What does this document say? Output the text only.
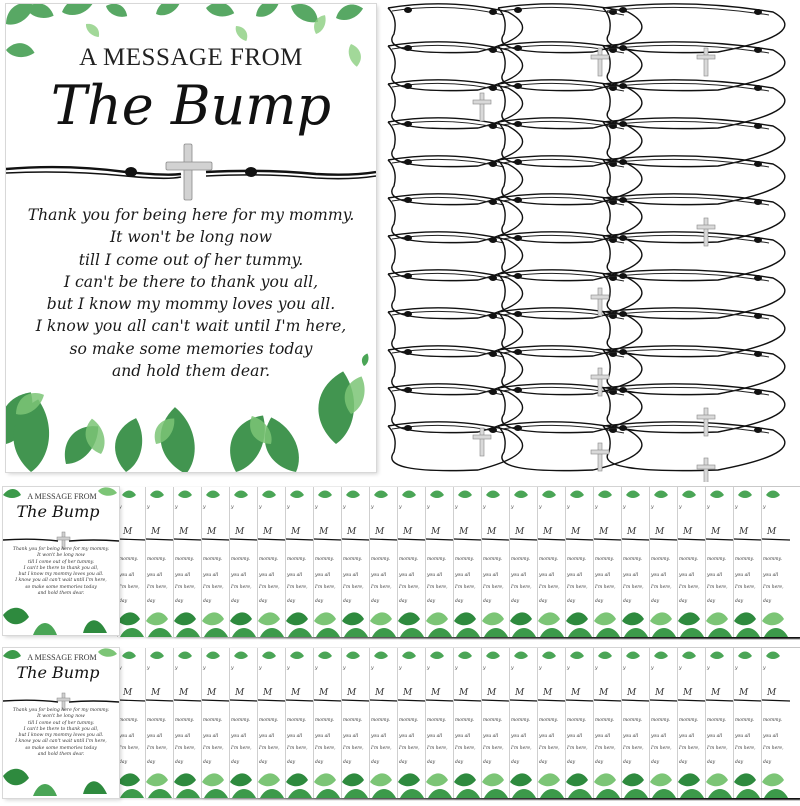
A MESSAGE FROM
The Bump
Thank you for being here for my mommy.
It won't be long now
till I come out of her tummy.
I can't be there to thank you all,
but I know my mommy loves you all.
I know you all can't wait until I'm here,
so make some memories today
and hold them dear.
y
M
mommy.
you all
I'm here,
day
y
M
mommy.
you all
I'm here,
day
y
M
mommy.
you all
I'm here,
day
y
M
mommy.
you all
I'm here,
day
y
M
mommy.
you all
I'm here,
day
y
M
mommy.
you all
I'm here,
day
y
M
mommy.
you all
I'm here,
day
y
M
mommy.
you all
I'm here,
day
y
M
mommy.
you all
I'm here,
day
y
M
mommy.
you all
I'm here,
day
y
M
mommy.
you all
I'm here,
day
y
M
mommy.
you all
I'm here,
day
y
M
mommy.
you all
I'm here,
day
y
M
mommy.
you all
I'm here,
day
y
M
mommy.
you all
I'm here,
day
y
M
mommy.
you all
I'm here,
day
y
M
mommy.
you all
I'm here,
day
y
M
mommy.
you all
I'm here,
day
y
M
mommy.
you all
I'm here,
day
y
M
mommy.
you all
I'm here,
day
y
M
mommy.
you all
I'm here,
day
y
M
mommy.
you all
I'm here,
day
y
M
mommy.
you all
I'm here,
day
y
M
mommy.
you all
I'm here,
day
A MESSAGE FROM
The Bump
Thank you for being here for my mommy.
It won't be long now
till I come out of her tummy.
I can't be there to thank you all,
but I know my mommy loves you all.
I know you all can't wait until I'm here,
so make some memories today
and hold them dear.
y
M
mommy.
you all
I'm here,
day
y
M
mommy.
you all
I'm here,
day
y
M
mommy.
you all
I'm here,
day
y
M
mommy.
you all
I'm here,
day
y
M
mommy.
you all
I'm here,
day
y
M
mommy.
you all
I'm here,
day
y
M
mommy.
you all
I'm here,
day
y
M
mommy.
you all
I'm here,
day
y
M
mommy.
you all
I'm here,
day
y
M
mommy.
you all
I'm here,
day
y
M
mommy.
you all
I'm here,
day
y
M
mommy.
you all
I'm here,
day
y
M
mommy.
you all
I'm here,
day
y
M
mommy.
you all
I'm here,
day
y
M
mommy.
you all
I'm here,
day
y
M
mommy.
you all
I'm here,
day
y
M
mommy.
you all
I'm here,
day
y
M
mommy.
you all
I'm here,
day
y
M
mommy.
you all
I'm here,
day
y
M
mommy.
you all
I'm here,
day
y
M
mommy.
you all
I'm here,
day
y
M
mommy.
you all
I'm here,
day
y
M
mommy.
you all
I'm here,
day
y
M
mommy.
you all
I'm here,
day
A MESSAGE FROM
The Bump
Thank you for being here for my mommy.
It won't be long now
till I come out of her tummy.
I can't be there to thank you all,
but I know my mommy loves you all.
I know you all can't wait until I'm here,
so make some memories today
and hold them dear.
